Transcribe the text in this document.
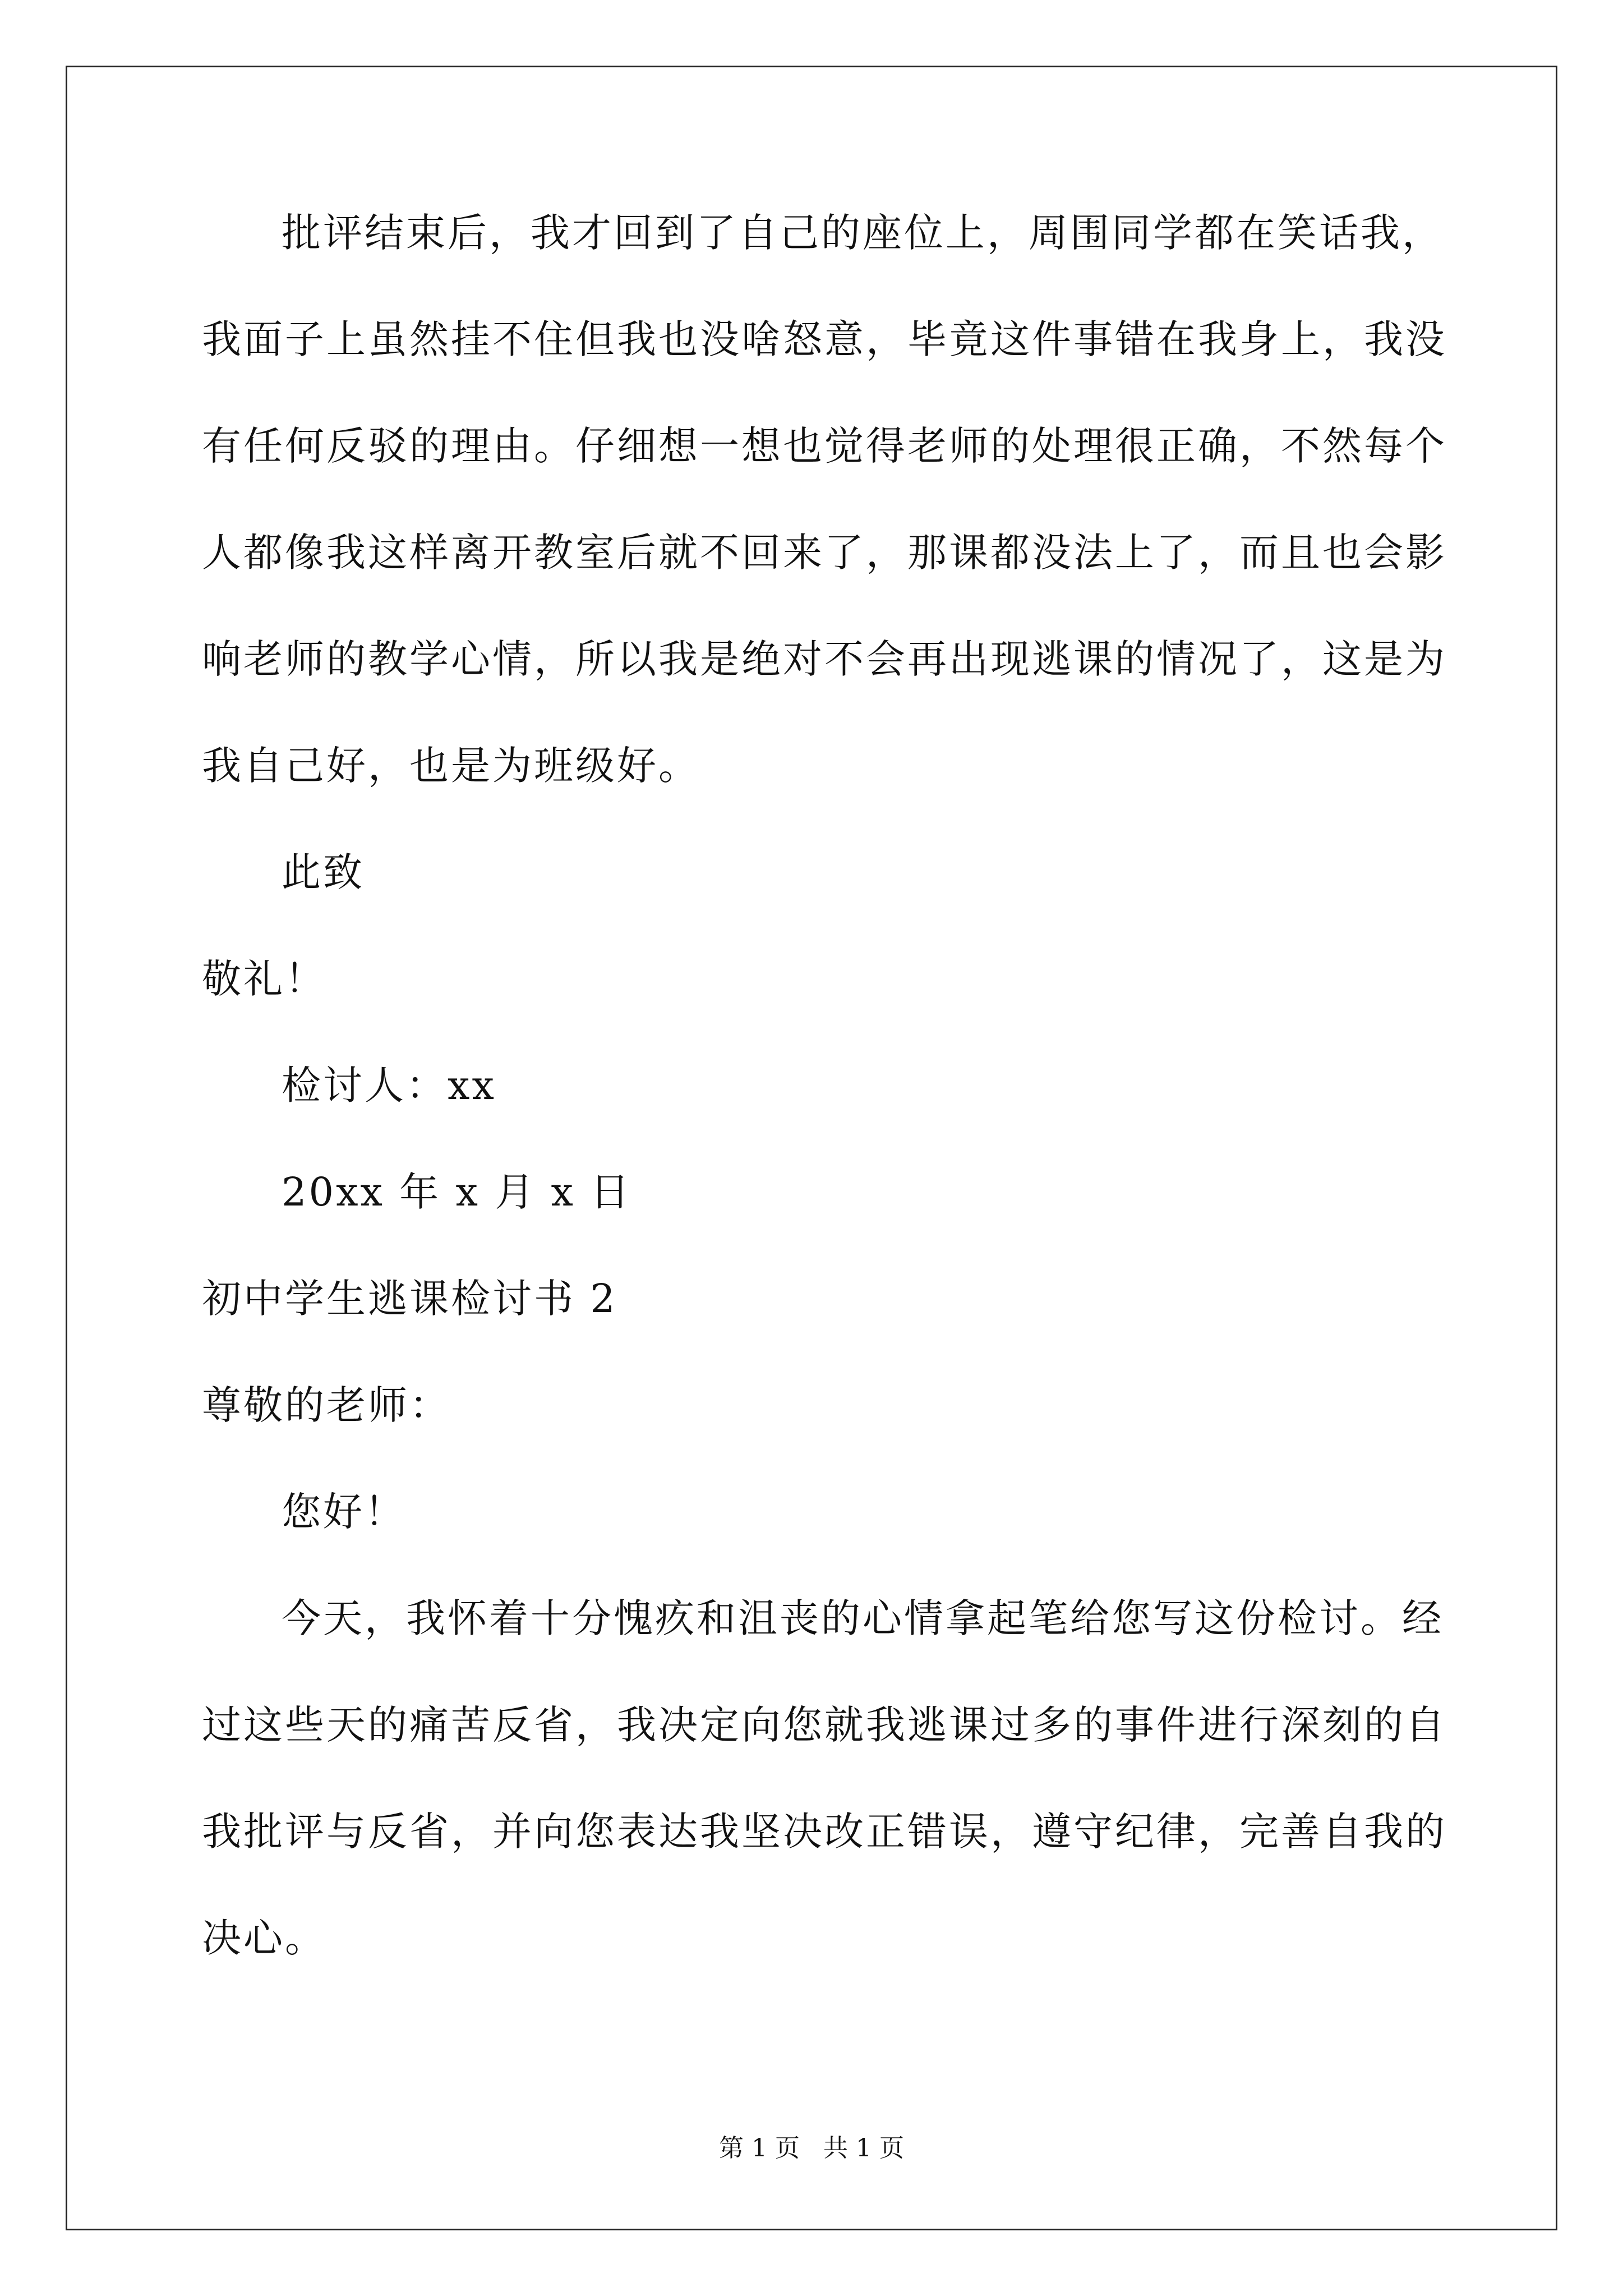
批评结束后，我才回到了自己的座位上，周围同学都在笑话我，
我面子上虽然挂不住但我也没啥怒意，毕竟这件事错在我身上，我没
有任何反驳的理由。仔细想一想也觉得老师的处理很正确，不然每个
人都像我这样离开教室后就不回来了，那课都没法上了，而且也会影
响老师的教学心情，所以我是绝对不会再出现逃课的情况了，这是为
我自己好，也是为班级好。
此致
敬礼！
检讨人：xx
20xx 年 x 月 x 日
初中学生逃课检讨书 2
尊敬的老师：
您好！
今天，我怀着十分愧疚和沮丧的心情拿起笔给您写这份检讨。经
过这些天的痛苦反省，我决定向您就我逃课过多的事件进行深刻的自
我批评与反省，并向您表达我坚决改正错误，遵守纪律，完善自我的
决心。
第 1 页   共 1 页
